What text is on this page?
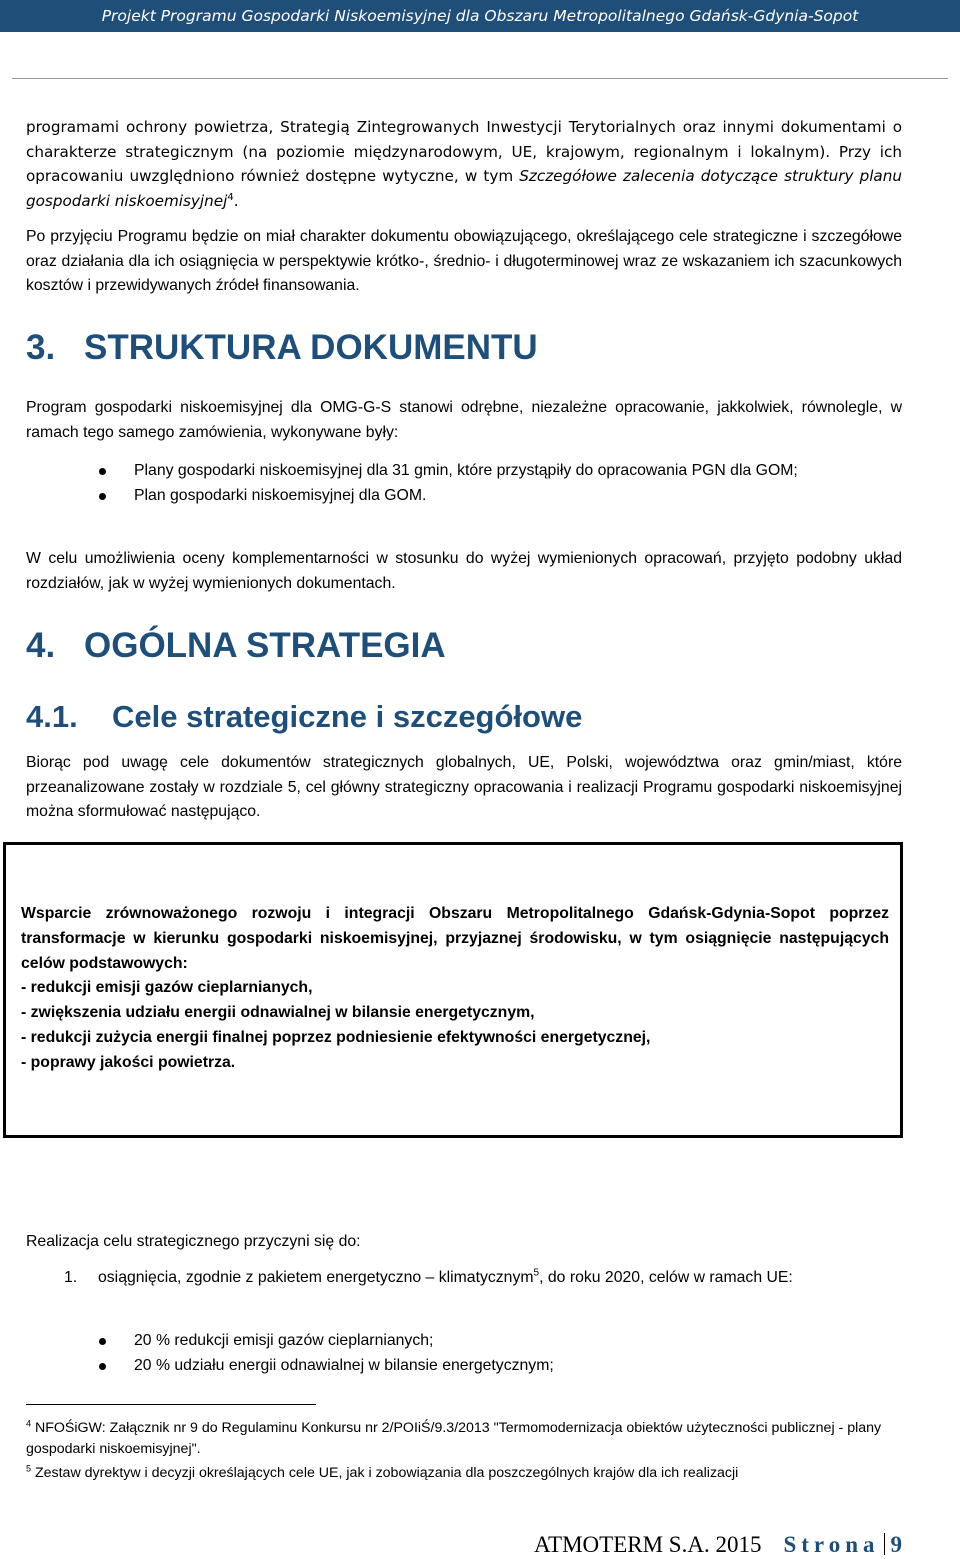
Projekt Programu Gospodarki Niskoemisyjnej dla Obszaru Metropolitalnego Gdańsk-Gdynia-Sopot

programami ochrony powietrza, Strategią Zintegrowanych Inwestycji Terytorialnych oraz innymi dokumentami o charakterze strategicznym (na poziomie międzynarodowym, UE, krajowym, regionalnym i lokalnym). Przy ich opracowaniu uwzględniono również dostępne wytyczne, w tym Szczegółowe zalecenia dotyczące struktury planu gospodarki niskoemisyjnej$^4$.

Po przyjęciu Programu będzie on miał charakter dokumentu obowiązującego, określającego cele strategiczne i szczegółowe oraz działania dla ich osiągnięcia w perspektywie krótko-, średnio- i długoterminowej wraz ze wskazaniem ich szacunkowych kosztów i przewidywanych źródeł finansowania.

3. STRUKTURA DOKUMENTU

Program gospodarki niskoemisyjnej dla OMG-G-S stanowi odrębne, niezależne opracowanie, jakkolwiek, równolegle, w ramach tego samego zamówienia, wykonywane były:

Plany gospodarki niskoemisyjnej dla 31 gmin, które przystąpiły do opracowania PGN dla GOM;
Plan gospodarki niskoemisyjnej dla GOM.

W celu umożliwienia oceny komplementarności w stosunku do wyżej wymienionych opracowań, przyjęto podobny układ rozdziałów, jak w wyżej wymienionych dokumentach.

4. OGÓLNA STRATEGIA
4.1. Cele strategiczne i szczegółowe

Biorąc pod uwagę cele dokumentów strategicznych globalnych, UE, Polski, województwa oraz gmin/miast, które przeanalizowane zostały w rozdziale 5, cel główny strategiczny opracowania i realizacji Programu gospodarki niskoemisyjnej można sformułować następująco.

Wsparcie zrównoważonego rozwoju i integracji Obszaru Metropolitalnego Gdańsk-Gdynia-Sopot poprzez transformacje w kierunku gospodarki niskoemisyjnej, przyjaznej środowisku, w tym osiągnięcie następujących celów podstawowych:
- redukcji emisji gazów cieplarnianych,
- zwiększenia udziału energii odnawialnej w bilansie energetycznym,
- redukcji zużycia energii finalnej poprzez podniesienie efektywności energetycznej,
- poprawy jakości powietrza.

Realizacja celu strategicznego przyczyni się do:

1. osiągnięcia, zgodnie z pakietem energetyczno – klimatycznym$^5$, do roku 2020, celów w ramach UE:

20 % redukcji emisji gazów cieplarnianych;
20 % udziału energii odnawialnej w bilansie energetycznym;

$^4$ NFOŚiGW: Załącznik nr 9 do Regulaminu Konkursu nr 2/POIiŚ/9.3/2013 "Termomodernizacja obiektów użyteczności publicznej - plany gospodarki niskoemisyjnej".

$^5$ Zestaw dyrektyw i decyzji określających cele UE, jak i zobowiązania dla poszczególnych krajów dla ich realizacji

ATMOTERM S.A. 2015 Strona 9
